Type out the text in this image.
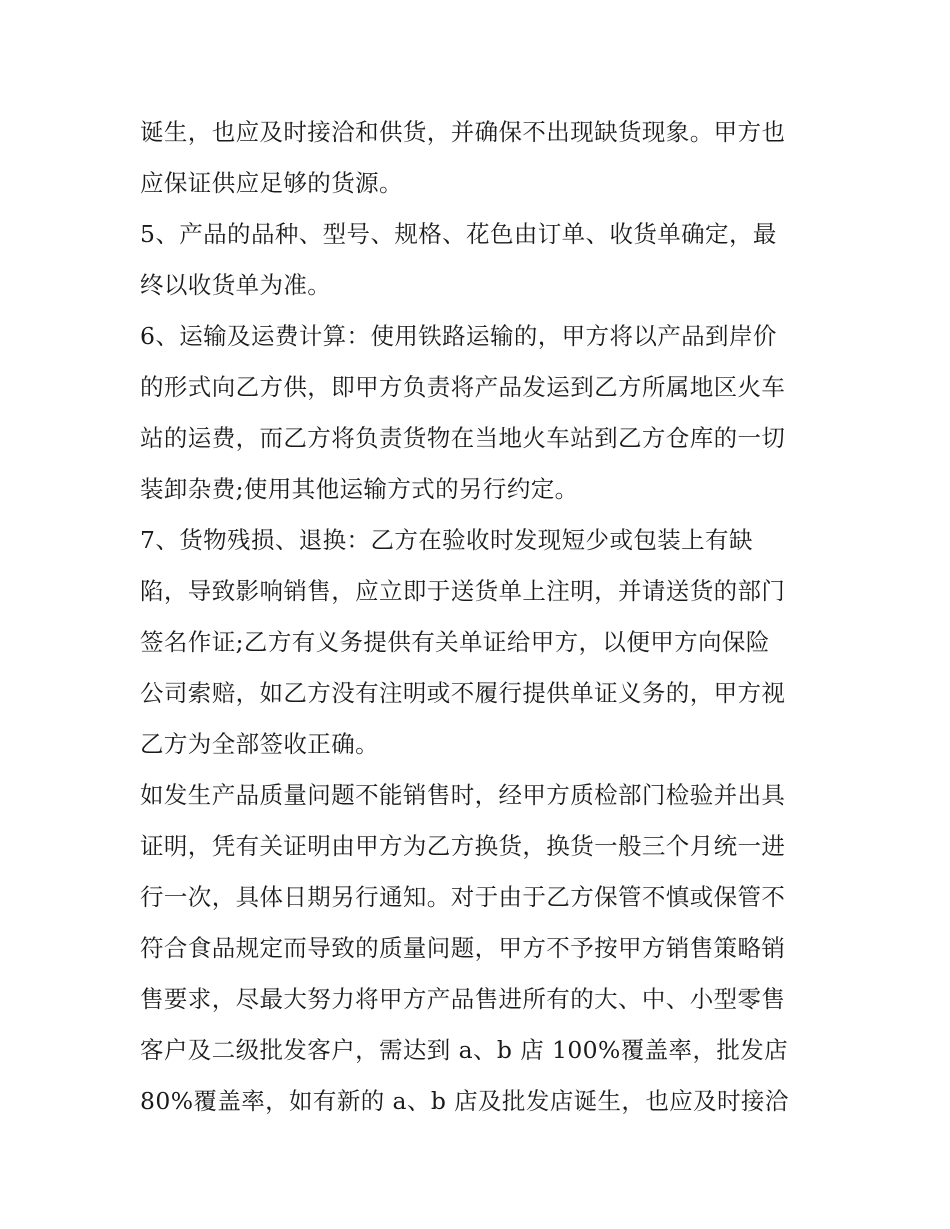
诞生，也应及时接洽和供货，并确保不出现缺货现象。甲方也
应保证供应足够的货源。
5、产品的品种、型号、规格、花色由订单、收货单确定，最
终以收货单为准。
6、运输及运费计算：使用铁路运输的，甲方将以产品到岸价
的形式向乙方供，即甲方负责将产品发运到乙方所属地区火车
站的运费，而乙方将负责货物在当地火车站到乙方仓库的一切
装卸杂费;使用其他运输方式的另行约定。
7、货物残损、退换：乙方在验收时发现短少或包装上有缺
陷，导致影响销售，应立即于送货单上注明，并请送货的部门
签名作证;乙方有义务提供有关单证给甲方，以便甲方向保险
公司索赔，如乙方没有注明或不履行提供单证义务的，甲方视
乙方为全部签收正确。
如发生产品质量问题不能销售时，经甲方质检部门检验并出具
证明，凭有关证明由甲方为乙方换货，换货一般三个月统一进
行一次，具体日期另行通知。对于由于乙方保管不慎或保管不
符合食品规定而导致的质量问题，甲方不予按甲方销售策略销
售要求，尽最大努力将甲方产品售进所有的大、中、小型零售
客户及二级批发客户，需达到 a、b 店 100%覆盖率，批发店
80%覆盖率，如有新的 a、b 店及批发店诞生，也应及时接洽
